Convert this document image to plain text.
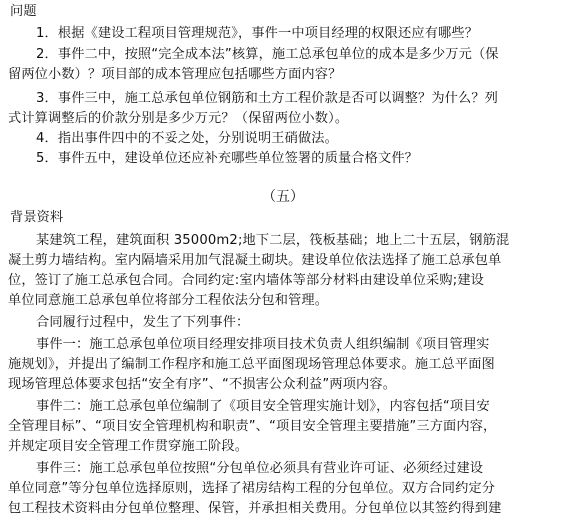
问题
1．根据《建设工程项目管理规范》，事件一中项目经理的权限还应有哪些？
2．事件二中，按照“完全成本法”核算，施工总承包单位的成本是多少万元（保
留两位小数）？项目部的成本管理应包括哪些方面内容？
3．事件三中，施工总承包单位钢筋和土方工程价款是否可以调整？为什么？列
式计算调整后的价款分别是多少万元？（保留两位小数）。
4．指出事件四中的不妥之处，分别说明王硝做法。
5．事件五中，建设单位还应补充哪些单位签署的质量合格文件？
（五）
背景资料
某建筑工程，建筑面积 35000m2;地下二层，筏板基础；地上二十五层，钢筋混
凝土剪力墙结构。室内隔墙采用加气混凝土砌块。建设单位依法选择了施工总承包单
位，签订了施工总承包合同。合同约定:室内墙体等部分材料由建设单位采购;建设
单位同意施工总承包单位将部分工程依法分包和管理。
合同履行过程中，发生了下列事件：
事件一：施工总承包单位项目经理安排项目技术负责人组织编制《项目管理实
施规划》，并提出了编制工作程序和施工总平面图现场管理总体要求。施工总平面图
现场管理总体要求包括“安全有序”、“不损害公众利益”两项内容。
事件二：施工总承包单位编制了《项目安全管理实施计划》，内容包括“项目安
全管理目标”、“项目安全管理机构和职责”、“项目安全管理主要措施”三方面内容，
并规定项目安全管理工作贯穿施工阶段。
事件三：施工总承包单位按照“分包单位必须具有营业许可证、必须经过建设
单位同意”等分包单位选择原则，选择了裙房结构工程的分包单位。双方合同约定分
包工程技术资料由分包单位整理、保管，并承担相关费用。分包单位以其签约得到建
